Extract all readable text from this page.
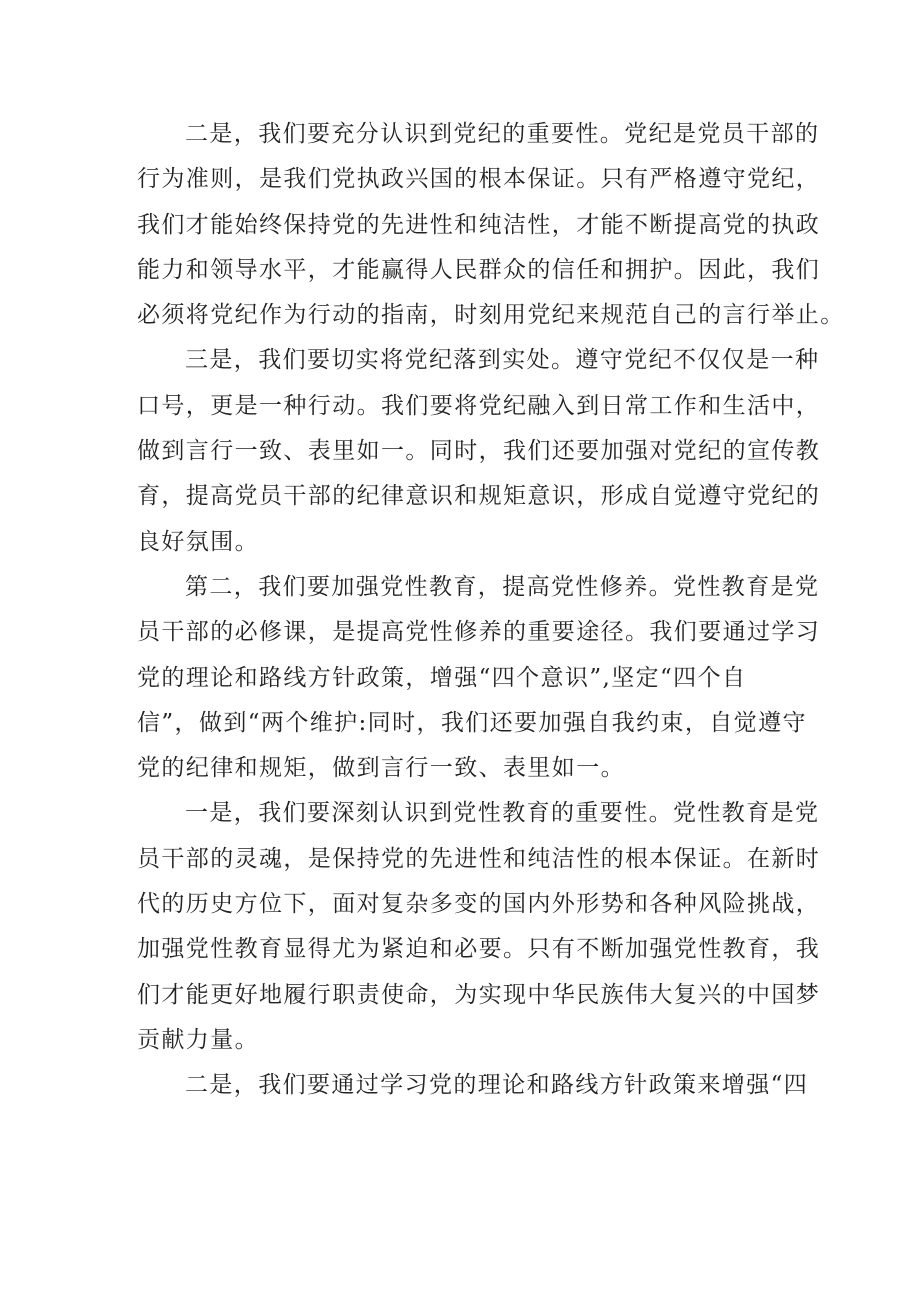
二是，我们要充分认识到党纪的重要性。党纪是党员干部的
行为准则，是我们党执政兴国的根本保证。只有严格遵守党纪，
我们才能始终保持党的先进性和纯洁性，才能不断提高党的执政
能力和领导水平，才能赢得人民群众的信任和拥护。因此，我们
必须将党纪作为行动的指南，时刻用党纪来规范自己的言行举止。
三是，我们要切实将党纪落到实处。遵守党纪不仅仅是一种
口号，更是一种行动。我们要将党纪融入到日常工作和生活中，
做到言行一致、表里如一。同时，我们还要加强对党纪的宣传教
育，提高党员干部的纪律意识和规矩意识，形成自觉遵守党纪的
良好氛围。
第二，我们要加强党性教育，提高党性修养。党性教育是党
员干部的必修课，是提高党性修养的重要途径。我们要通过学习
党的理论和路线方针政策，增强“四个意识”,坚定“四个自
信”，做到“两个维护:同时，我们还要加强自我约束，自觉遵守
党的纪律和规矩，做到言行一致、表里如一。
一是，我们要深刻认识到党性教育的重要性。党性教育是党
员干部的灵魂，是保持党的先进性和纯洁性的根本保证。在新时
代的历史方位下，面对复杂多变的国内外形势和各种风险挑战，
加强党性教育显得尤为紧迫和必要。只有不断加强党性教育，我
们才能更好地履行职责使命，为实现中华民族伟大复兴的中国梦
贡献力量。
二是，我们要通过学习党的理论和路线方针政策来增强“四
